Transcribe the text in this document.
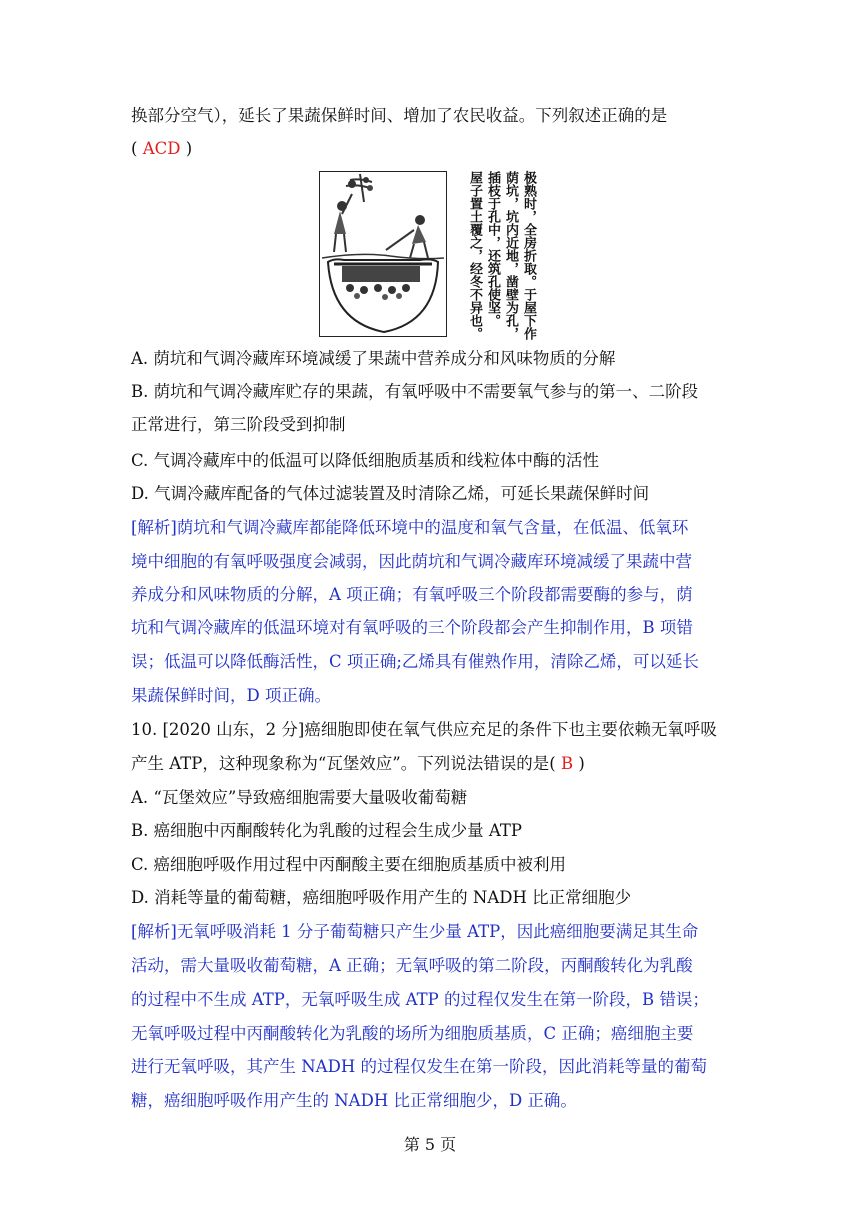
换部分空气），延长了果蔬保鲜时间、增加了农民收益。下列叙述正确的是
( ACD )
极熟时，全房折取。于屋下作
荫坑，坑内近地，凿壁为孔，
插枝于孔中，还筑孔使坚。
屋子置土覆之，经冬不异也。
A. 荫坑和气调冷藏库环境减缓了果蔬中营养成分和风味物质的分解
B. 荫坑和气调冷藏库贮存的果蔬，有氧呼吸中不需要氧气参与的第一、二阶段
正常进行，第三阶段受到抑制
C. 气调冷藏库中的低温可以降低细胞质基质和线粒体中酶的活性
D. 气调冷藏库配备的气体过滤装置及时清除乙烯，可延长果蔬保鲜时间
[解析]荫坑和气调冷藏库都能降低环境中的温度和氧气含量，在低温、低氧环
境中细胞的有氧呼吸强度会减弱，因此荫坑和气调冷藏库环境减缓了果蔬中营
养成分和风味物质的分解，A 项正确；有氧呼吸三个阶段都需要酶的参与，荫
坑和气调冷藏库的低温环境对有氧呼吸的三个阶段都会产生抑制作用，B 项错
误；低温可以降低酶活性，C 项正确;乙烯具有催熟作用，清除乙烯，可以延长
果蔬保鲜时间，D 项正确。
10. [2020 山东，2 分]癌细胞即使在氧气供应充足的条件下也主要依赖无氧呼吸
产生 ATP，这种现象称为“瓦堡效应”。下列说法错误的是( B )
A. “瓦堡效应”导致癌细胞需要大量吸收葡萄糖
B. 癌细胞中丙酮酸转化为乳酸的过程会生成少量 ATP
C. 癌细胞呼吸作用过程中丙酮酸主要在细胞质基质中被利用
D. 消耗等量的葡萄糖，癌细胞呼吸作用产生的 NADH 比正常细胞少
[解析]无氧呼吸消耗 1 分子葡萄糖只产生少量 ATP，因此癌细胞要满足其生命
活动，需大量吸收葡萄糖，A 正确；无氧呼吸的第二阶段，丙酮酸转化为乳酸
的过程中不生成 ATP，无氧呼吸生成 ATP 的过程仅发生在第一阶段，B 错误；
无氧呼吸过程中丙酮酸转化为乳酸的场所为细胞质基质，C 正确；癌细胞主要
进行无氧呼吸，其产生 NADH 的过程仅发生在第一阶段，因此消耗等量的葡萄
糖，癌细胞呼吸作用产生的 NADH 比正常细胞少，D 正确。
第 5 页
